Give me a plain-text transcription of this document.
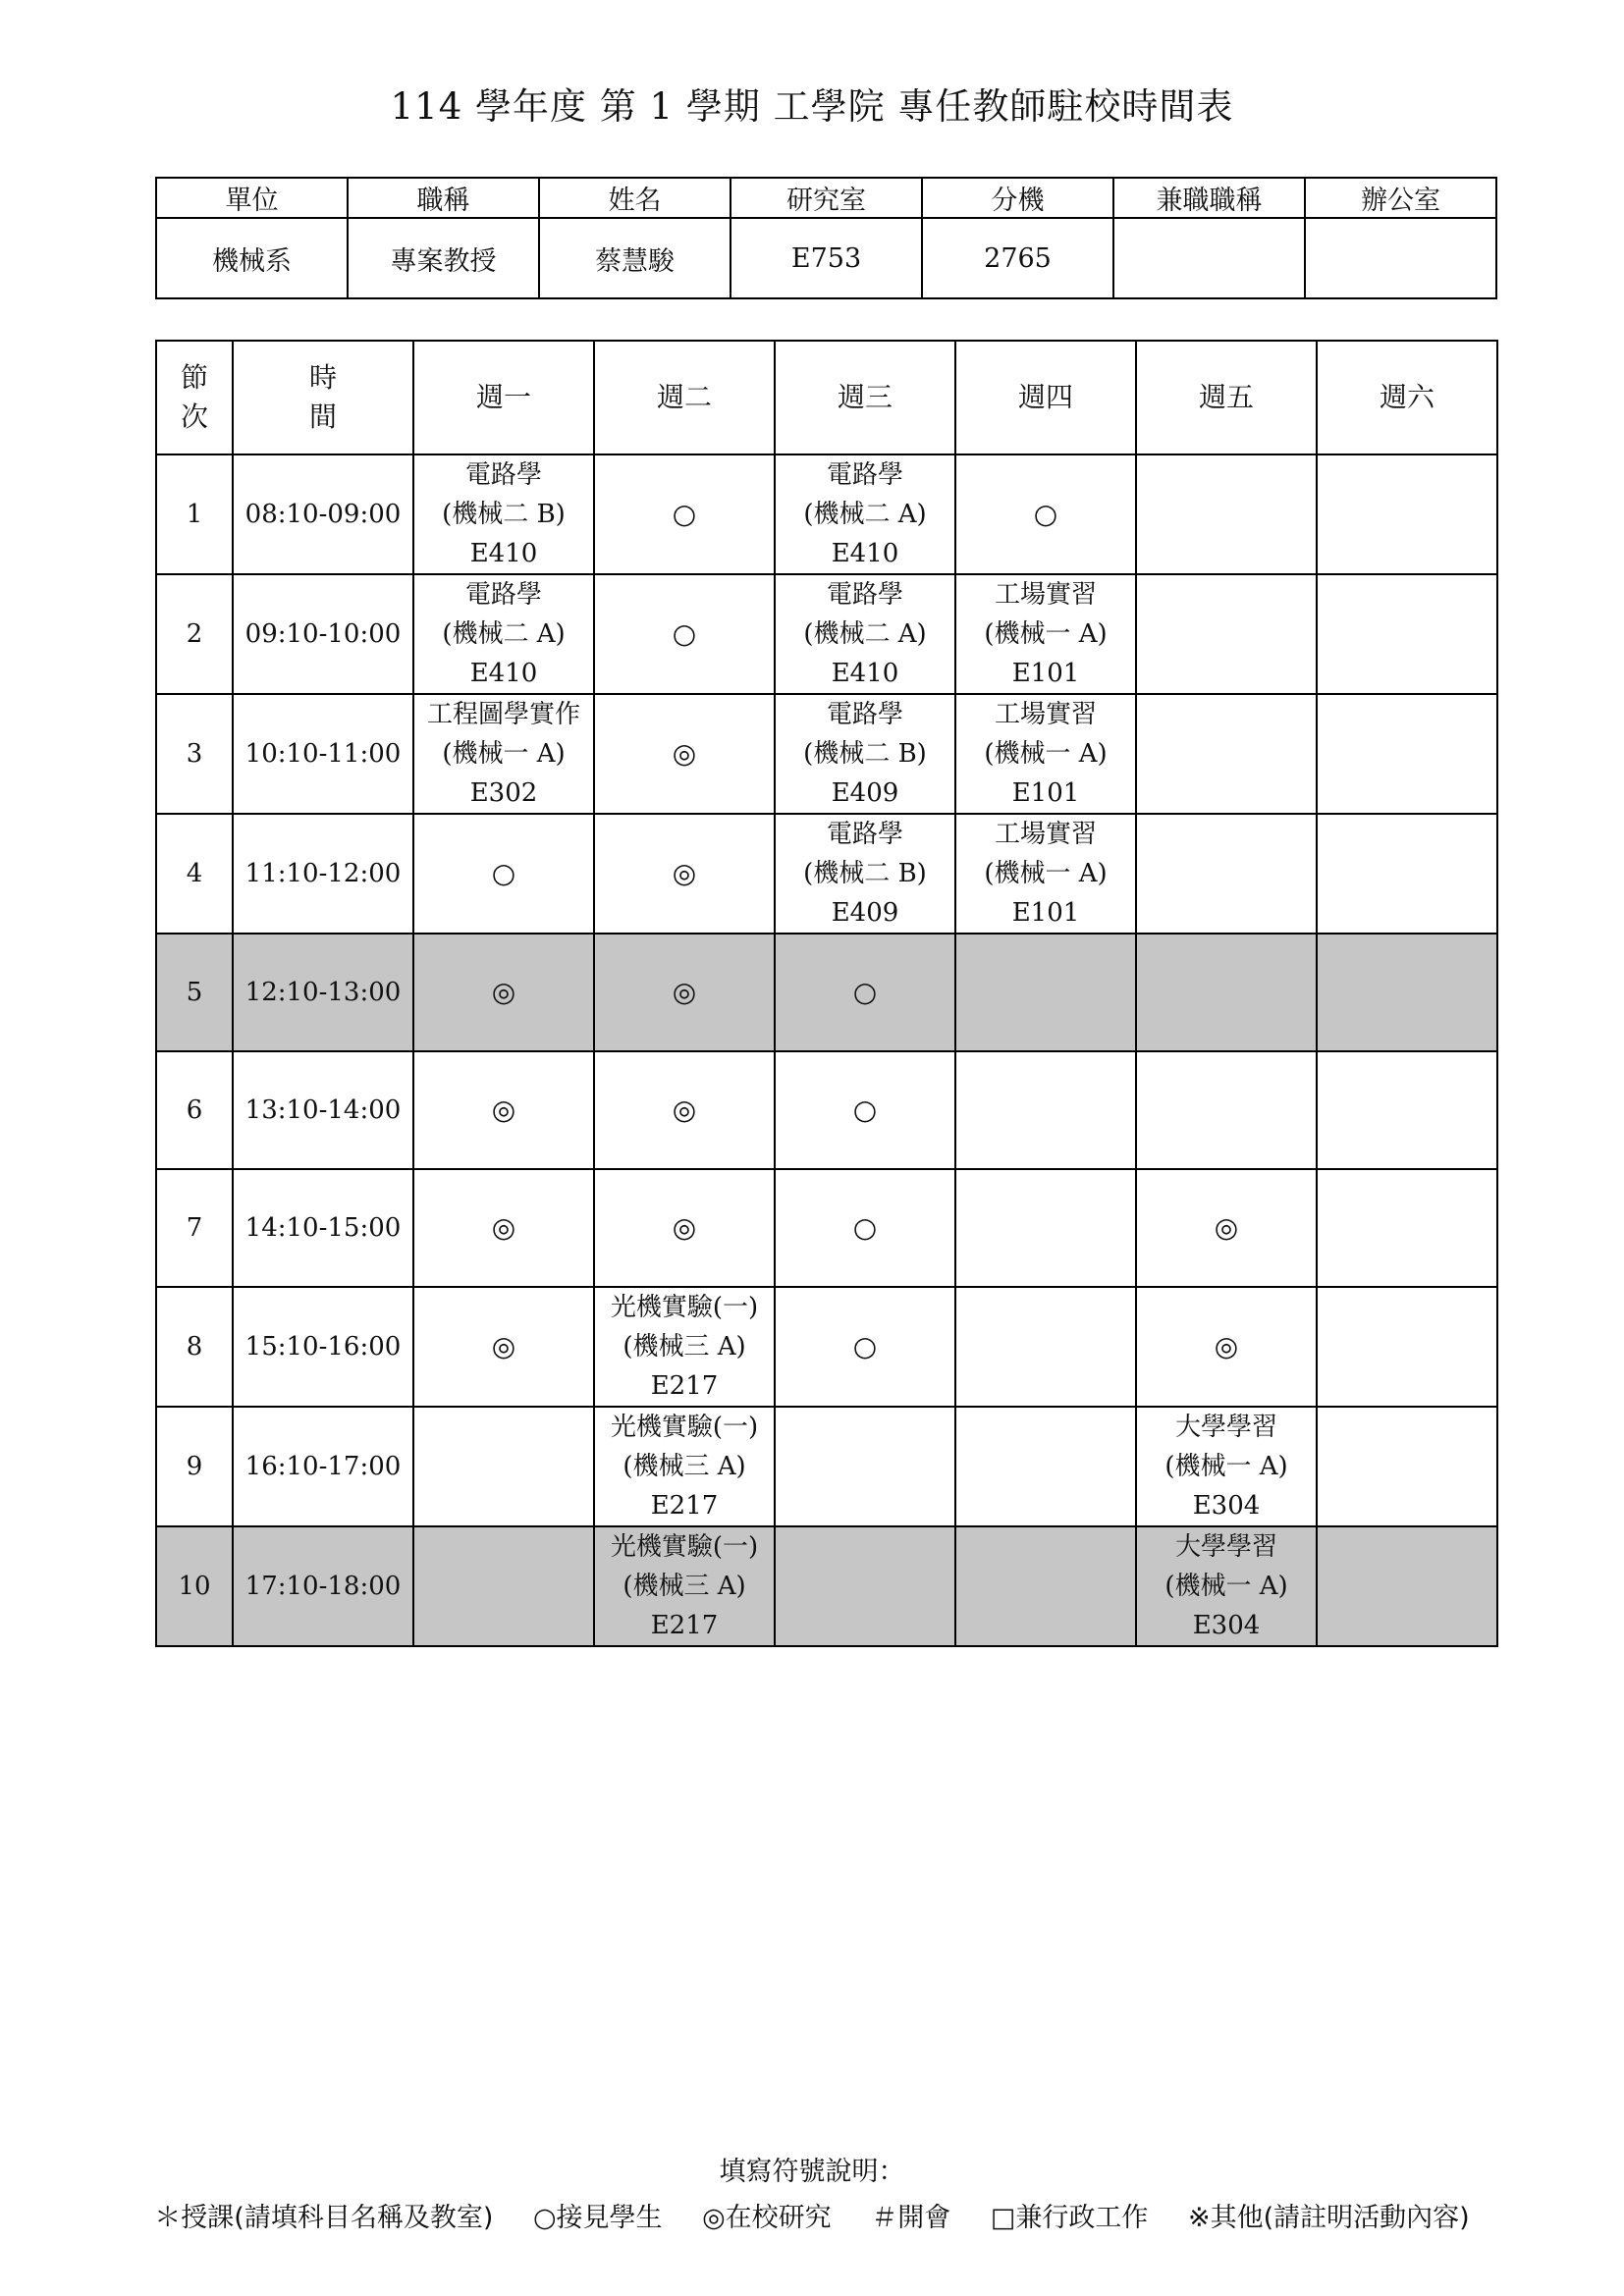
114 學年度 第 1 學期 工學院 專任教師駐校時間表
單位	職稱	姓名	研究室	分機	兼職職稱	辦公室
機械系	專案教授	蔡慧駿	E753	2765		
節
次	時
間	週一	週二	週三	週四	週五	週六
1	08:10-09:00	電路學
(機械二 B)
E410	○	電路學
(機械二 A)
E410	○		
2	09:10-10:00	電路學
(機械二 A)
E410	○	電路學
(機械二 A)
E410	工場實習
(機械一 A)
E101		

3	10:10-11:00	工程圖學實作
(機械一 A)
E302	◎	電路學
(機械二 B)
E409	工場實習
(機械一 A)
E101		

4	11:10-12:00	○	◎	電路學
(機械二 B)
E409	工場實習
(機械一 A)
E101		

5	12:10-13:00	◎	◎	○			
6	13:10-14:00	◎	◎	○			
7	14:10-15:00	◎	◎	○		◎	
8	15:10-16:00	◎	光機實驗(一)
(機械三 A)
E217	○		◎	
9	16:10-17:00		光機實驗(一)
(機械三 A)
E217			大學學習
(機械一 A)
E304	

10	17:10-18:00		光機實驗(一)
(機械三 A)
E217			大學學習
(機械一 A)
E304	

填寫符號說明：
＊授課(請填科目名稱及教室) ○接見學生 ◎在校研究 ＃開會 □兼行政工作 ※其他(請註明活動內容)
